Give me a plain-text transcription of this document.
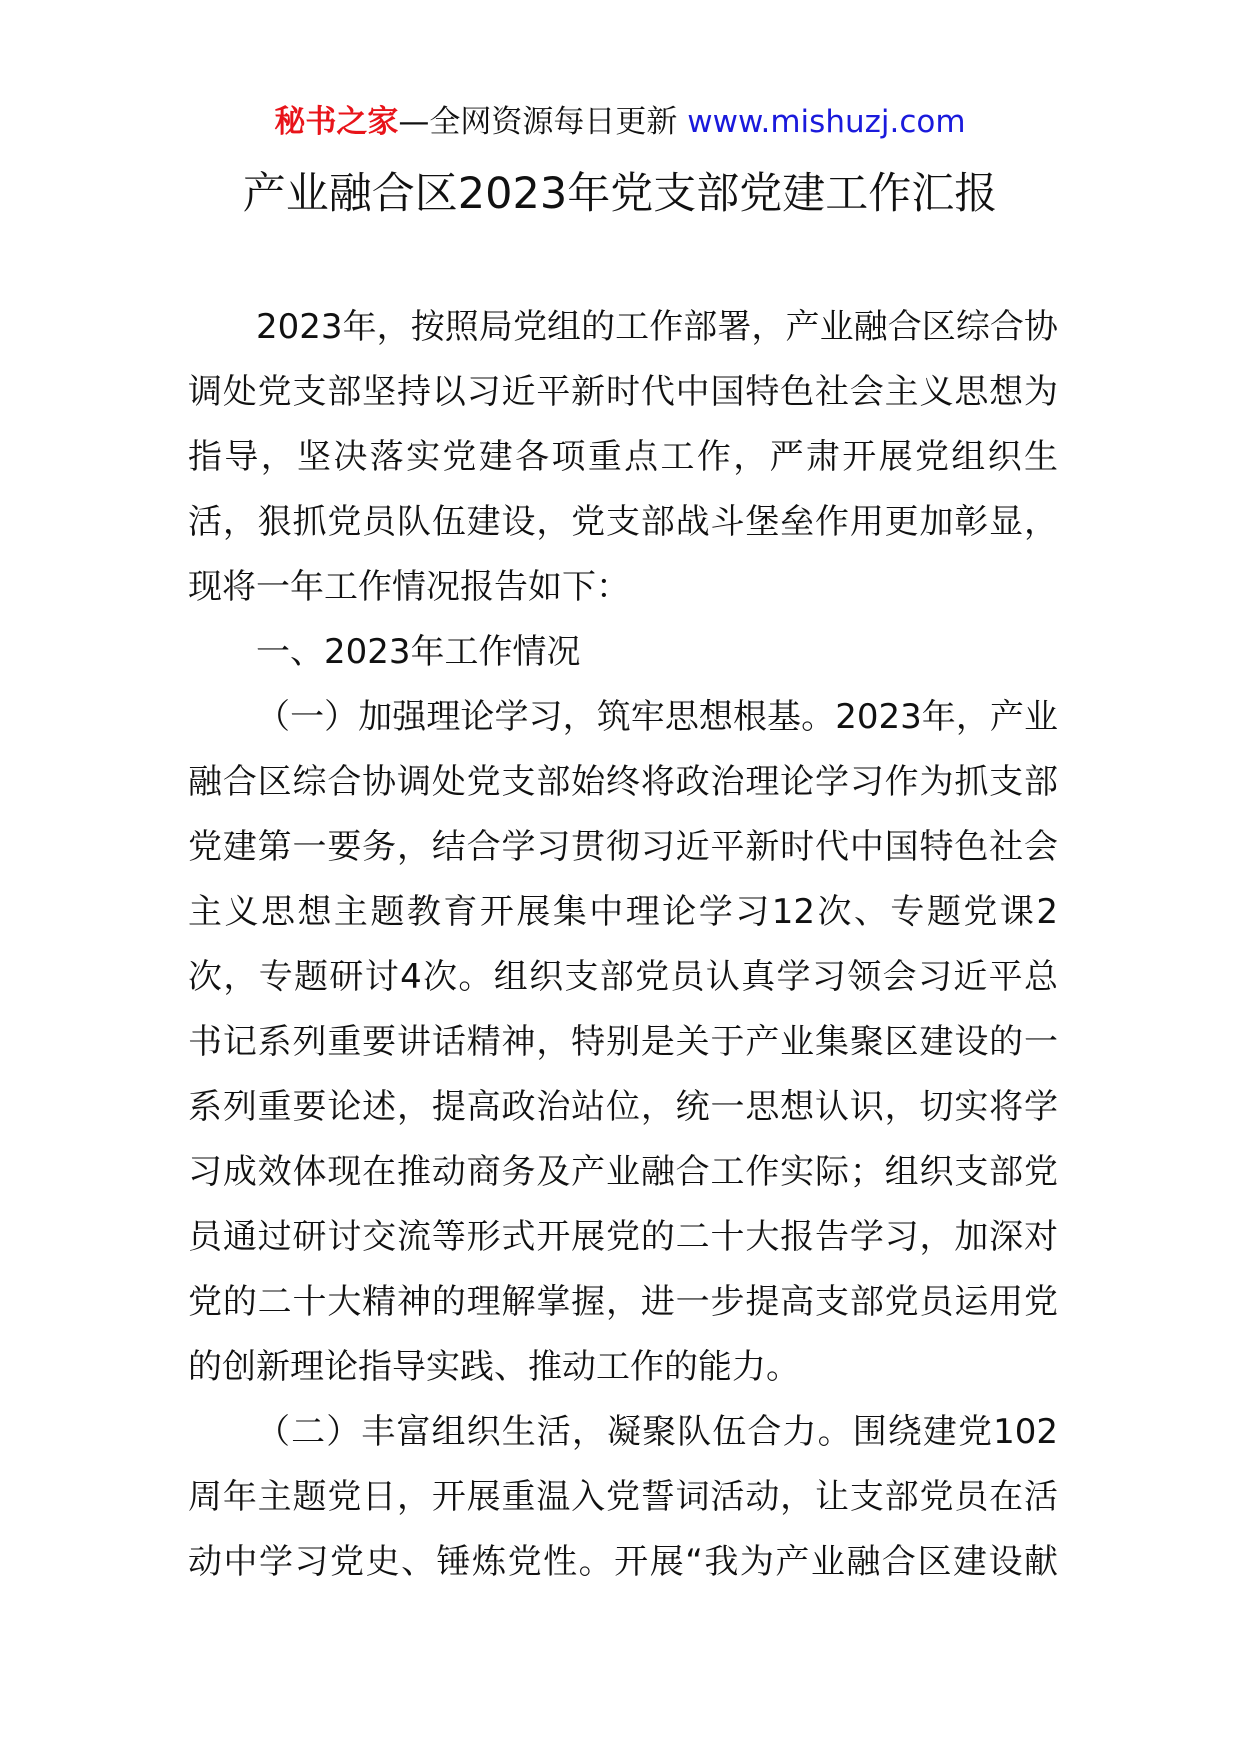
秘书之家—全网资源每日更新 www.mishuzj.com
产业融合区2023年党支部党建工作汇报
2023年，按照局党组的工作部署，产业融合区综合协
调处党支部坚持以习近平新时代中国特色社会主义思想为
指导，坚决落实党建各项重点工作，严肃开展党组织生
活，狠抓党员队伍建设，党支部战斗堡垒作用更加彰显，
现将一年工作情况报告如下：
一、2023年工作情况
（一）加强理论学习，筑牢思想根基。2023年，产业
融合区综合协调处党支部始终将政治理论学习作为抓支部
党建第一要务，结合学习贯彻习近平新时代中国特色社会
主义思想主题教育开展集中理论学习12次、专题党课2
次，专题研讨4次。组织支部党员认真学习领会习近平总
书记系列重要讲话精神，特别是关于产业集聚区建设的一
系列重要论述，提高政治站位，统一思想认识，切实将学
习成效体现在推动商务及产业融合工作实际；组织支部党
员通过研讨交流等形式开展党的二十大报告学习，加深对
党的二十大精神的理解掌握，进一步提高支部党员运用党
的创新理论指导实践、推动工作的能力。
（二）丰富组织生活，凝聚队伍合力。围绕建党102
周年主题党日，开展重温入党誓词活动，让支部党员在活
动中学习党史、锤炼党性。开展“我为产业融合区建设献
